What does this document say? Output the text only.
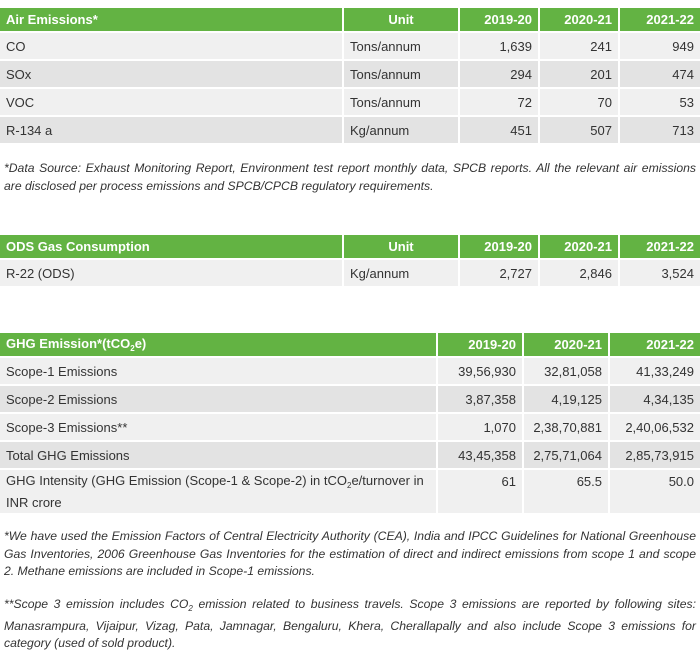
Air Emissions*	Unit	2019-20	2020-21	2021-22
CO	Tons/annum	1,639	241	949
SOx	Tons/annum	294	201	474
VOC	Tons/annum	72	70	53
R-134 a	Kg/annum	451	507	713

*Data Source: Exhaust Monitoring Report, Environment test report monthly data, SPCB reports. All the relevant air emissions are disclosed per process emissions and SPCB/CPCB regulatory requirements.

ODS Gas Consumption	Unit	2019-20	2020-21	2021-22
R-22 (ODS)	Kg/annum	2,727	2,846	3,524
GHG Emission*(tCO$_2$e)	2019-20	2020-21	2021-22
Scope-1 Emissions	39,56,930	32,81,058	41,33,249
Scope-2 Emissions	3,87,358	4,19,125	4,34,135
Scope-3 Emissions**	1,070	2,38,70,881	2,40,06,532
Total GHG Emissions	43,45,358	2,75,71,064	2,85,73,915
GHG Intensity (GHG Emission (Scope-1 & Scope-2) in tCO$_2$e/turnover in INR crore	61	65.5	50.0

*We have used the Emission Factors of Central Electricity Authority (CEA), India and IPCC Guidelines for National Greenhouse Gas Inventories, 2006 Greenhouse Gas Inventories for the estimation of direct and indirect emissions from scope 1 and scope 2. Methane emissions are included in Scope-1 emissions.

**Scope 3 emission includes $CO_2$ emission related to business travels. Scope 3 emissions are reported by following sites: Manasrampura, Vijaipur, Vizag, Pata, Jamnagar, Bengaluru, Khera, Cherallapally and also include Scope 3 emissions for category (used of sold product).
